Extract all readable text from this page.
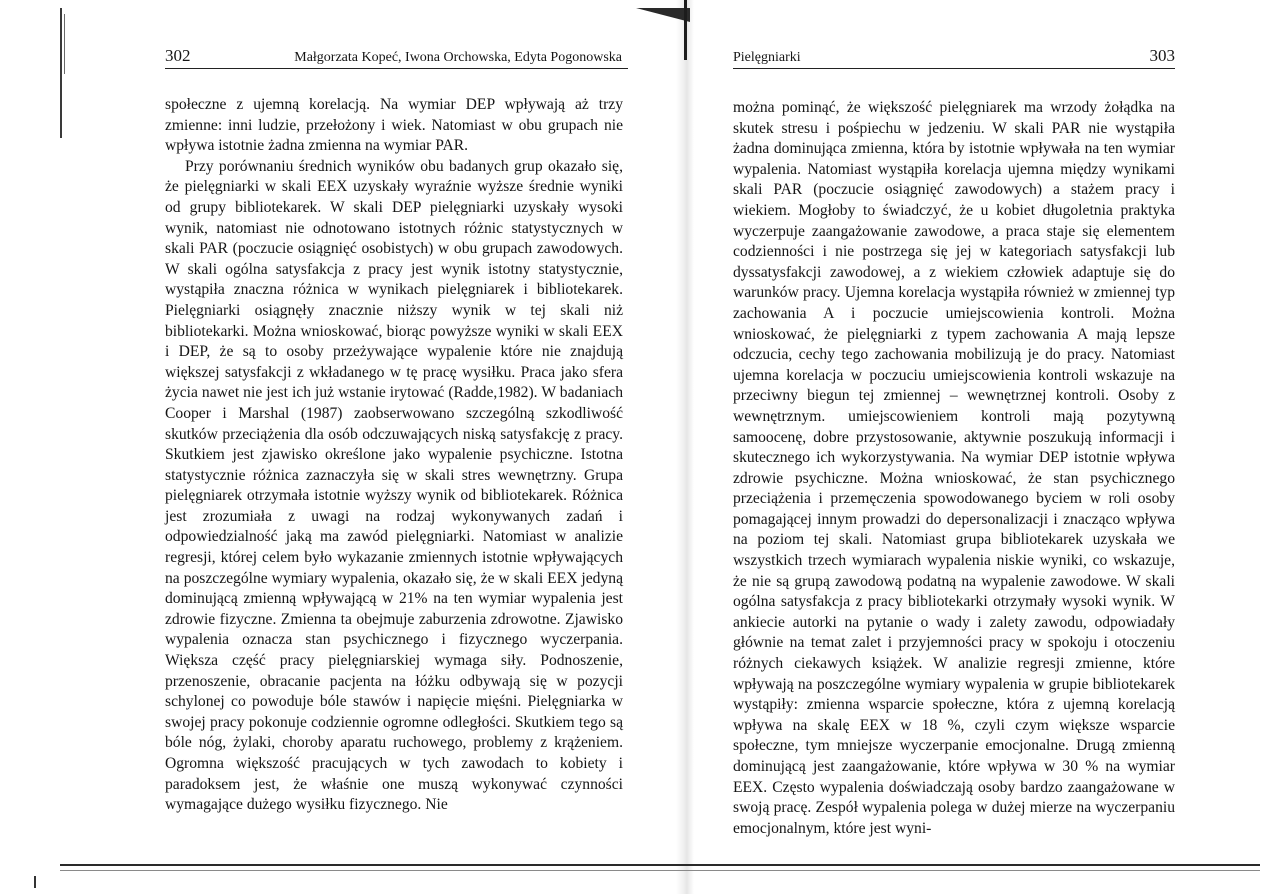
302	Małgorzata Kopeć, Iwona Orchowska, Edyta Pogonowska

społeczne z ujemną korelacją. Na wymiar DEP wpływają aż trzy zmienne: inni ludzie, przełożony i wiek. Natomiast w obu grupach nie wpływa istotnie żadna zmienna na wymiar PAR.

Przy porównaniu średnich wyników obu badanych grup okazało się, że pielęgniarki w skali EEX uzyskały wyraźnie wyższe średnie wyniki od grupy bibliotekarek. W skali DEP pielęgniarki uzyskały wysoki wynik, natomiast nie odnotowano istotnych różnic statystycznych w skali PAR (poczucie osiągnięć osobistych) w obu grupach zawodowych. W skali ogólna satysfakcja z pracy jest wynik istotny statystycznie, wystąpiła znaczna różnica w wynikach pielęgniarek i bibliotekarek. Pielęgniarki osiągnęły znacznie niższy wynik w tej skali niż bibliotekarki. Można wnioskować, biorąc powyższe wyniki w skali EEX i DEP, że są to osoby przeżywające wypalenie które nie znajdują większej satysfakcji z wkładanego w tę pracę wysiłku. Praca jako sfera życia nawet nie jest ich już wstanie irytować (Radde,1982). W badaniach Cooper i Marshal (1987) zaobserwowano szczególną szkodliwość skutków przeciążenia dla osób odczuwających niską satysfakcję z pracy. Skutkiem jest zjawisko określone jako wypalenie psychiczne. Istotna statystycznie różnica zaznaczyła się w skali stres wewnętrzny. Grupa pielęgniarek otrzymała istotnie wyższy wynik od bibliotekarek. Różnica jest zrozumiała z uwagi na rodzaj wykonywanych zadań i odpowiedzialność jaką ma zawód pielęgniarki. Natomiast w analizie regresji, której celem było wykazanie zmiennych istotnie wpływających na poszczególne wymiary wypalenia, okazało się, że w skali EEX jedyną dominującą zmienną wpływającą w 21% na ten wymiar wypalenia jest zdrowie fizyczne. Zmienna ta obejmuje zaburzenia zdrowotne. Zjawisko wypalenia oznacza stan psychicznego i fizycznego wyczerpania. Większa część pracy pielęgniarskiej wymaga siły. Podnoszenie, przenoszenie, obracanie pacjenta na łóżku odbywają się w pozycji schylonej co powoduje bóle stawów i napięcie mięśni. Pielęgniarka w swojej pracy pokonuje codziennie ogromne odległości. Skutkiem tego są bóle nóg, żylaki, choroby aparatu ruchowego, problemy z krążeniem. Ogromna większość pracujących w tych zawodach to kobiety i paradoksem jest, że właśnie one muszą wykonywać czynności wymagające dużego wysiłku fizycznego. Nie

Pielęgniarki	303

można pominąć, że większość pielęgniarek ma wrzody żołądka na skutek stresu i pośpiechu w jedzeniu. W skali PAR nie wystąpiła żadna dominująca zmienna, która by istotnie wpływała na ten wymiar wypalenia. Natomiast wystąpiła korelacja ujemna między wynikami skali PAR (poczucie osiągnięć zawodowych) a stażem pracy i wiekiem. Mogłoby to świadczyć, że u kobiet długoletnia praktyka wyczerpuje zaangażowanie zawodowe, a praca staje się elementem codzienności i nie postrzega się jej w kategoriach satysfakcji lub dyssatysfakcji zawodowej, a z wiekiem człowiek adaptuje się do warunków pracy. Ujemna korelacja wystąpiła również w zmiennej typ zachowania A i poczucie umiejscowienia kontroli. Można wnioskować, że pielęgniarki z typem zachowania A mają lepsze odczucia, cechy tego zachowania mobilizują je do pracy. Natomiast ujemna korelacja w poczuciu umiejscowienia kontroli wskazuje na przeciwny biegun tej zmiennej – wewnętrznej kontroli. Osoby z wewnętrznym. umiejscowieniem kontroli mają pozytywną samoocenę, dobre przystosowanie, aktywnie poszukują informacji i skutecznego ich wykorzystywania. Na wymiar DEP istotnie wpływa zdrowie psychiczne. Można wnioskować, że stan psychicznego przeciążenia i przemęczenia spowodowanego byciem w roli osoby pomagającej innym prowadzi do depersonalizacji i znacząco wpływa na poziom tej skali. Natomiast grupa bibliotekarek uzyskała we wszystkich trzech wymiarach wypalenia niskie wyniki, co wskazuje, że nie są grupą zawodową podatną na wypalenie zawodowe. W skali ogólna satysfakcja z pracy bibliotekarki otrzymały wysoki wynik. W ankiecie autorki na pytanie o wady i zalety zawodu, odpowiadały głównie na temat zalet i przyjemności pracy w spokoju i otoczeniu różnych ciekawych książek. W analizie regresji zmienne, które wpływają na poszczególne wymiary wypalenia w grupie bibliotekarek wystąpiły: zmienna wsparcie społeczne, która z ujemną korelacją wpływa na skalę EEX w 18 %, czyli czym większe wsparcie społeczne, tym mniejsze wyczerpanie emocjonalne. Drugą zmienną dominującą jest zaangażowanie, które wpływa w 30 % na wymiar EEX. Często wypalenia doświadczają osoby bardzo zaangażowane w swoją pracę. Zespół wypalenia polega w dużej mierze na wyczerpaniu emocjonalnym, które jest wyni-
